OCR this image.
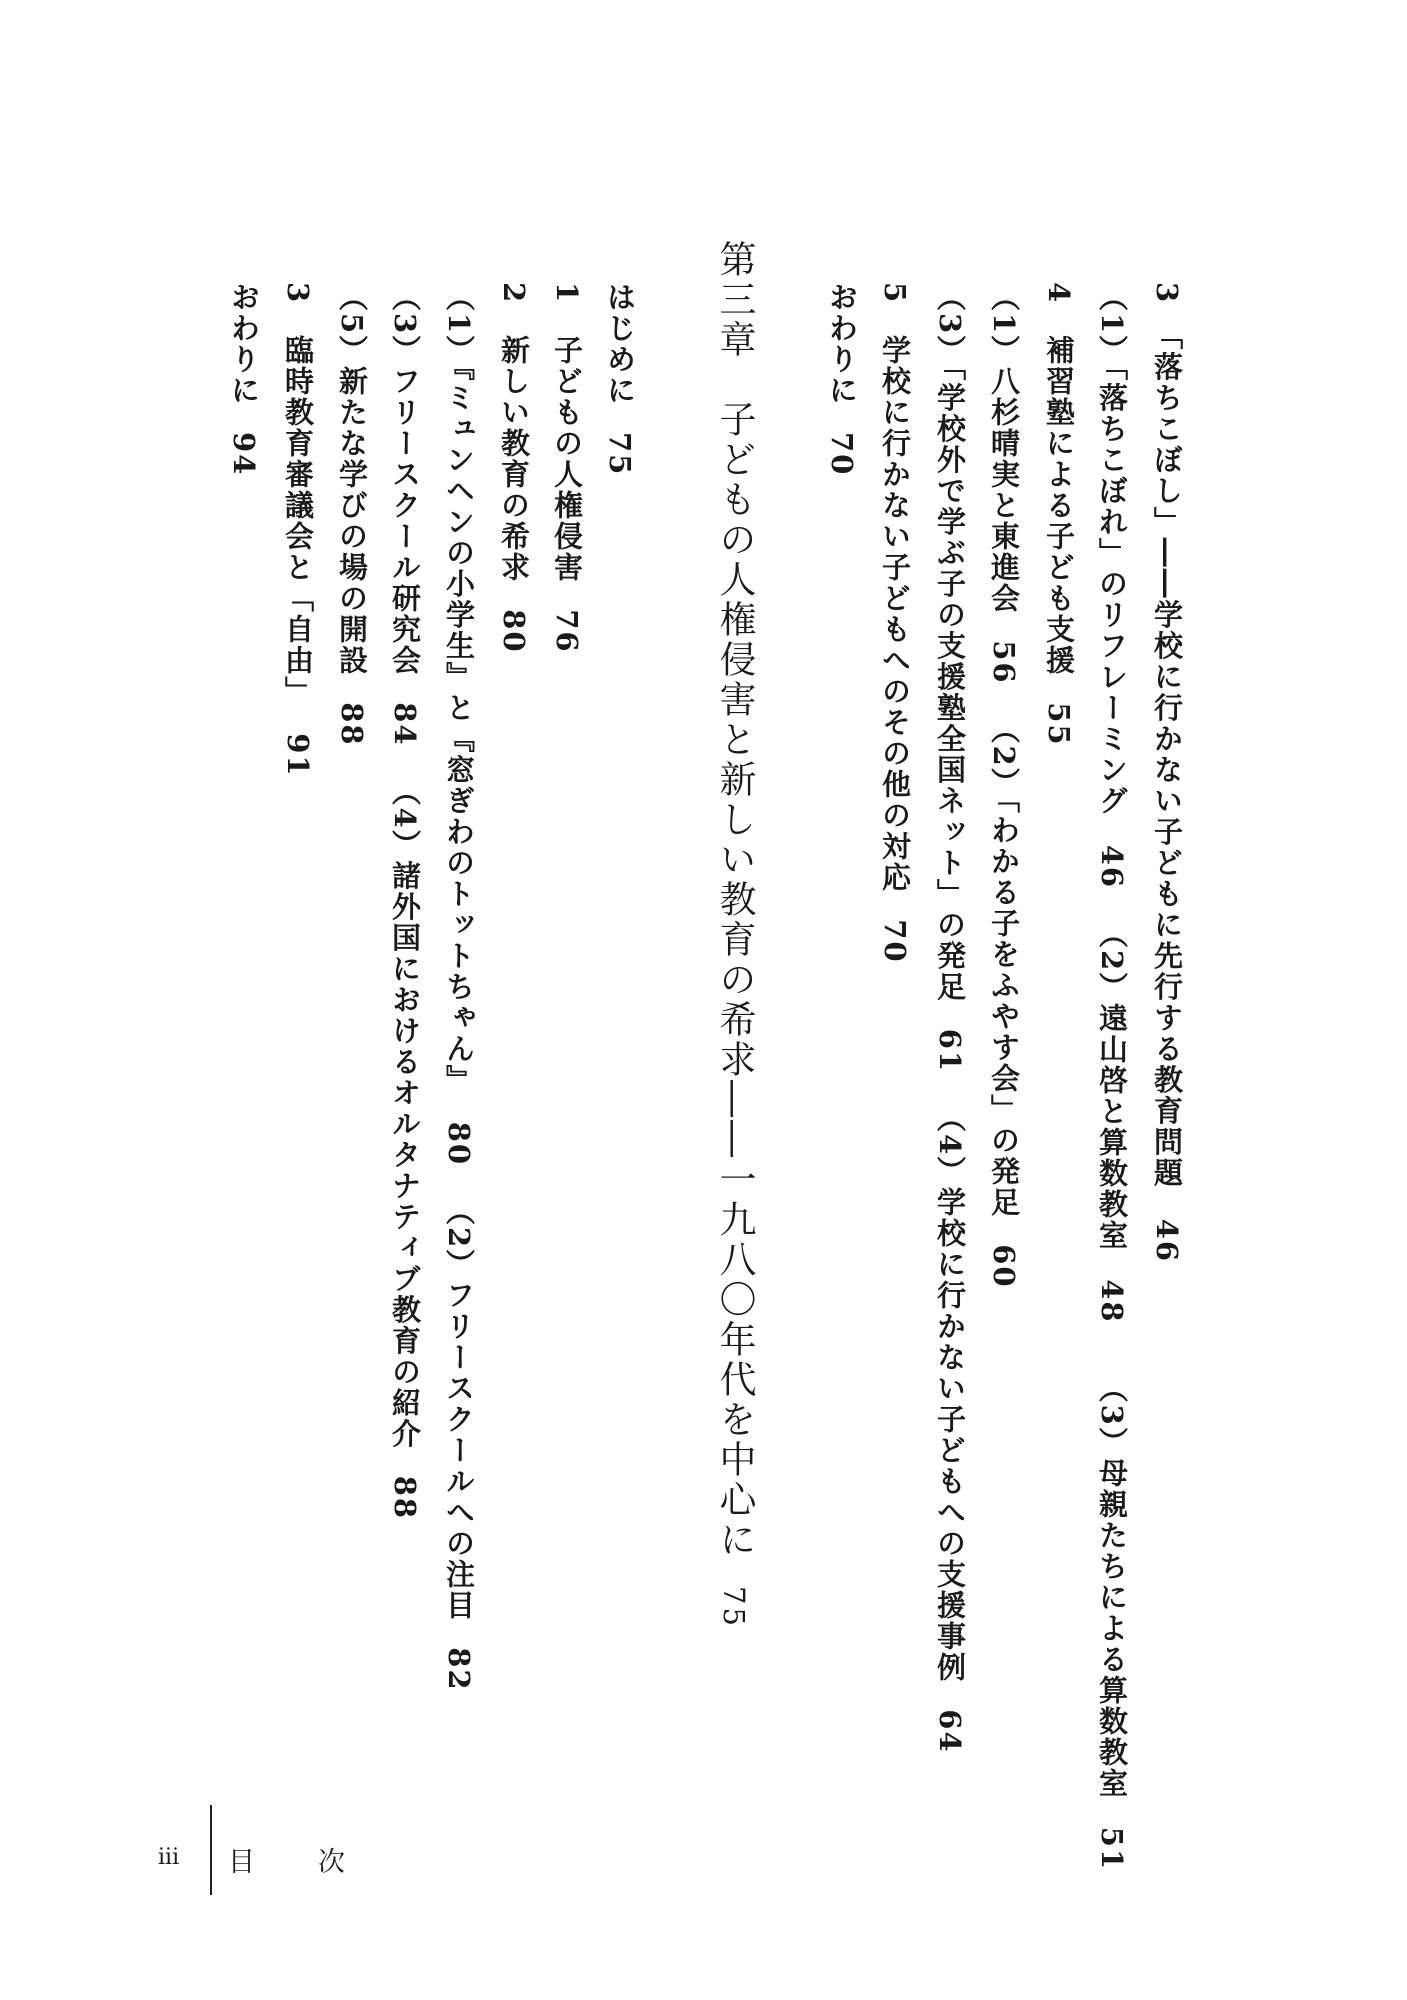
3　「落ちこぼし」――学校に行かない子どもに先行する教育問題46
（1）「落ちこぼれ」のリフレーミング46（2）遠山啓と算数教室48（3）母親たちによる算数教室51
4　補習塾による子ども支援55
（1）八杉晴実と東進会56（2）「わかる子をふやす会」の発足60
（3）「学校外で学ぶ子の支援塾全国ネット」の発足61（4）学校に行かない子どもへの支援事例64
5　学校に行かない子どもへのその他の対応70
おわりに70
第三章　子どもの人権侵害と新しい教育の希求――一九八〇年代を中心に75
はじめに75
1　子どもの人権侵害76
2　新しい教育の希求80
（1）『ミュンヘンの小学生』と『窓ぎわのトットちゃん』80（2）フリースクールへの注目82
（3）フリースクール研究会84（4）諸外国におけるオルタナティブ教育の紹介88
（5）新たな学びの場の開設88
3　臨時教育審議会と「自由」91
おわりに94
iii 目　次
